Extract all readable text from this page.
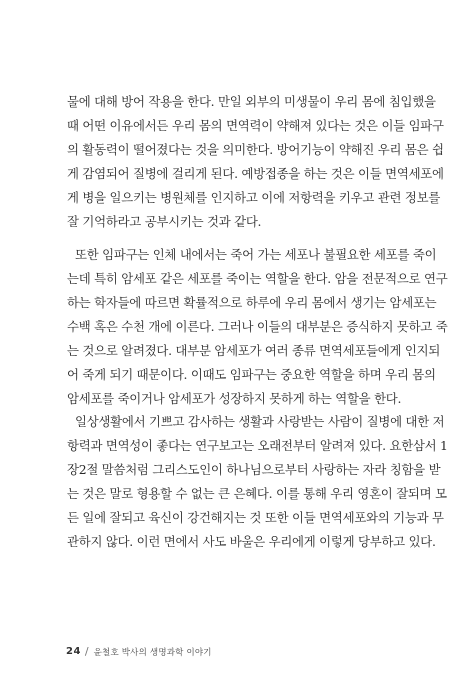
물에 대해 방어 작용을 한다. 만일 외부의 미생물이 우리 몸에 침입했을
때 어떤 이유에서든 우리 몸의 면역력이 약해져 있다는 것은 이들 임파구
의 활동력이 떨어졌다는 것을 의미한다. 방어기능이 약해진 우리 몸은 쉽
게 감염되어 질병에 걸리게 된다. 예방접종을 하는 것은 이들 면역세포에
게 병을 일으키는 병원체를 인지하고 이에 저항력을 키우고 관련 정보를
잘 기억하라고 공부시키는 것과 같다.
또한 임파구는 인체 내에서는 죽어 가는 세포나 불필요한 세포를 죽이
는데 특히 암세포 같은 세포를 죽이는 역할을 한다. 암을 전문적으로 연구
하는 학자들에 따르면 확률적으로 하루에 우리 몸에서 생기는 암세포는
수백 혹은 수천 개에 이른다. 그러나 이들의 대부분은 증식하지 못하고 죽
는 것으로 알려졌다. 대부분 암세포가 여러 종류 면역세포들에게 인지되
어 죽게 되기 때문이다. 이때도 임파구는 중요한 역할을 하며 우리 몸의
암세포를 죽이거나 암세포가 성장하지 못하게 하는 역할을 한다.
일상생활에서 기쁘고 감사하는 생활과 사랑받는 사람이 질병에 대한 저
항력과 면역성이 좋다는 연구보고는 오래전부터 알려져 있다. 요한삼서 1
장2절 말씀처럼 그리스도인이 하나님으로부터 사랑하는 자라 칭함을 받
는 것은 말로 형용할 수 없는 큰 은혜다. 이를 통해 우리 영혼이 잘되며 모
든 일에 잘되고 육신이 강건해지는 것 또한 이들 면역세포와의 기능과 무
관하지 않다. 이런 면에서 사도 바울은 우리에게 이렇게 당부하고 있다.
24 / 윤철호 박사의 생명과학 이야기
